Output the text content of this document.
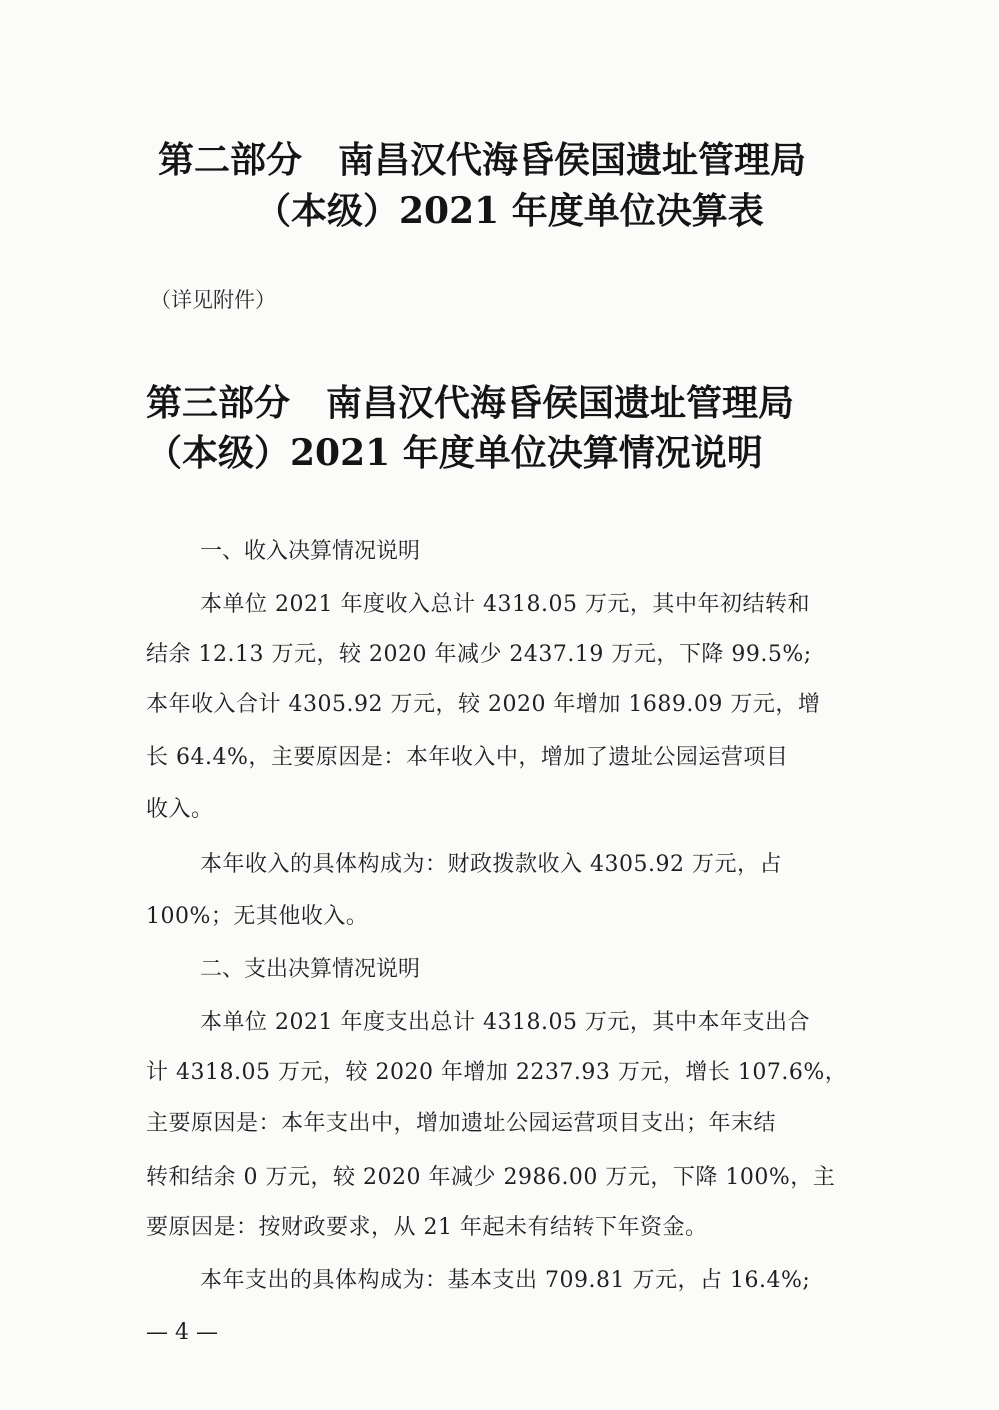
第二部分　南昌汉代海昏侯国遗址管理局
（本级）2021 年度单位决算表

（详见附件）

第三部分　南昌汉代海昏侯国遗址管理局
（本级）2021 年度单位决算情况说明

一、收入决算情况说明

本单位 2021 年度收入总计 4318.05 万元，其中年初结转和

结余 12.13 万元，较 2020 年减少 2437.19 万元，下降 99.5%;

本年收入合计 4305.92 万元，较 2020 年增加 1689.09 万元，增

长 64.4%，主要原因是：本年收入中，增加了遗址公园运营项目

收入。

本年收入的具体构成为：财政拨款收入 4305.92 万元，占

100%；无其他收入。

二、支出决算情况说明

本单位 2021 年度支出总计 4318.05 万元，其中本年支出合

计 4318.05 万元，较 2020 年增加 2237.93 万元，增长 107.6%，

主要原因是：本年支出中，增加遗址公园运营项目支出；年末结

转和结余 0 万元，较 2020 年减少 2986.00 万元，下降 100%，主

要原因是：按财政要求，从 21 年起未有结转下年资金。

本年支出的具体构成为：基本支出 709.81 万元，占 16.4%;

— 4 —
